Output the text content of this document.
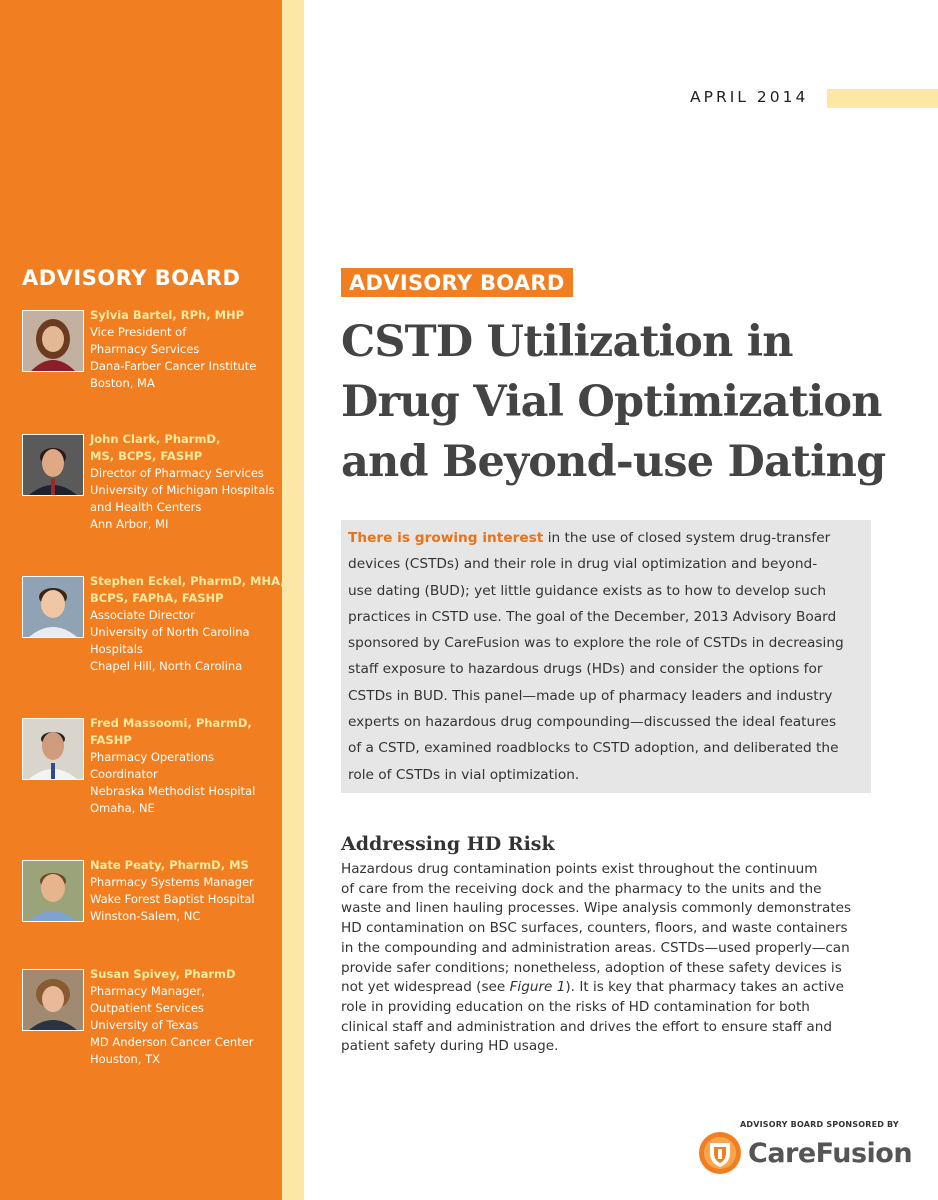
ADVISORY BOARD
Sylvia Bartel, RPh, MHP
Vice President of
Pharmacy Services
Dana-Farber Cancer Institute
Boston, MA
John Clark, PharmD,
MS, BCPS, FASHP
Director of Pharmacy Services
University of Michigan Hospitals
and Health Centers
Ann Arbor, MI
Stephen Eckel, PharmD, MHA,
BCPS, FAPhA, FASHP
Associate Director
University of North Carolina
Hospitals
Chapel Hill, North Carolina
Fred Massoomi, PharmD,
FASHP
Pharmacy Operations
Coordinator
Nebraska Methodist Hospital
Omaha, NE
Nate Peaty, PharmD, MS
Pharmacy Systems Manager
Wake Forest Baptist Hospital
Winston-Salem, NC
Susan Spivey, PharmD
Pharmacy Manager,
Outpatient Services
University of Texas
MD Anderson Cancer Center
Houston, TX
APRIL 2014
ADVISORY BOARD
CSTD Utilization in
Drug Vial Optimization
and Beyond-use Dating
There is growing interest in the use of closed system drug-transfer
devices (CSTDs) and their role in drug vial optimization and beyond-
use dating (BUD); yet little guidance exists as to how to develop such
practices in CSTD use. The goal of the December, 2013 Advisory Board
sponsored by CareFusion was to explore the role of CSTDs in decreasing
staff exposure to hazardous drugs (HDs) and consider the options for
CSTDs in BUD. This panel—made up of pharmacy leaders and industry
experts on hazardous drug compounding—discussed the ideal features
of a CSTD, examined roadblocks to CSTD adoption, and deliberated the
role of CSTDs in vial optimization.
Addressing HD Risk
Hazardous drug contamination points exist throughout the continuum
of care from the receiving dock and the pharmacy to the units and the
waste and linen hauling processes. Wipe analysis commonly demonstrates
HD contamination on BSC surfaces, counters, floors, and waste containers
in the compounding and administration areas. CSTDs—used properly—can
provide safer conditions; nonetheless, adoption of these safety devices is
not yet widespread (see Figure 1). It is key that pharmacy takes an active
role in providing education on the risks of HD contamination for both
clinical staff and administration and drives the effort to ensure staff and
patient safety during HD usage.
ADVISORY BOARD SPONSORED BY
CareFusion
